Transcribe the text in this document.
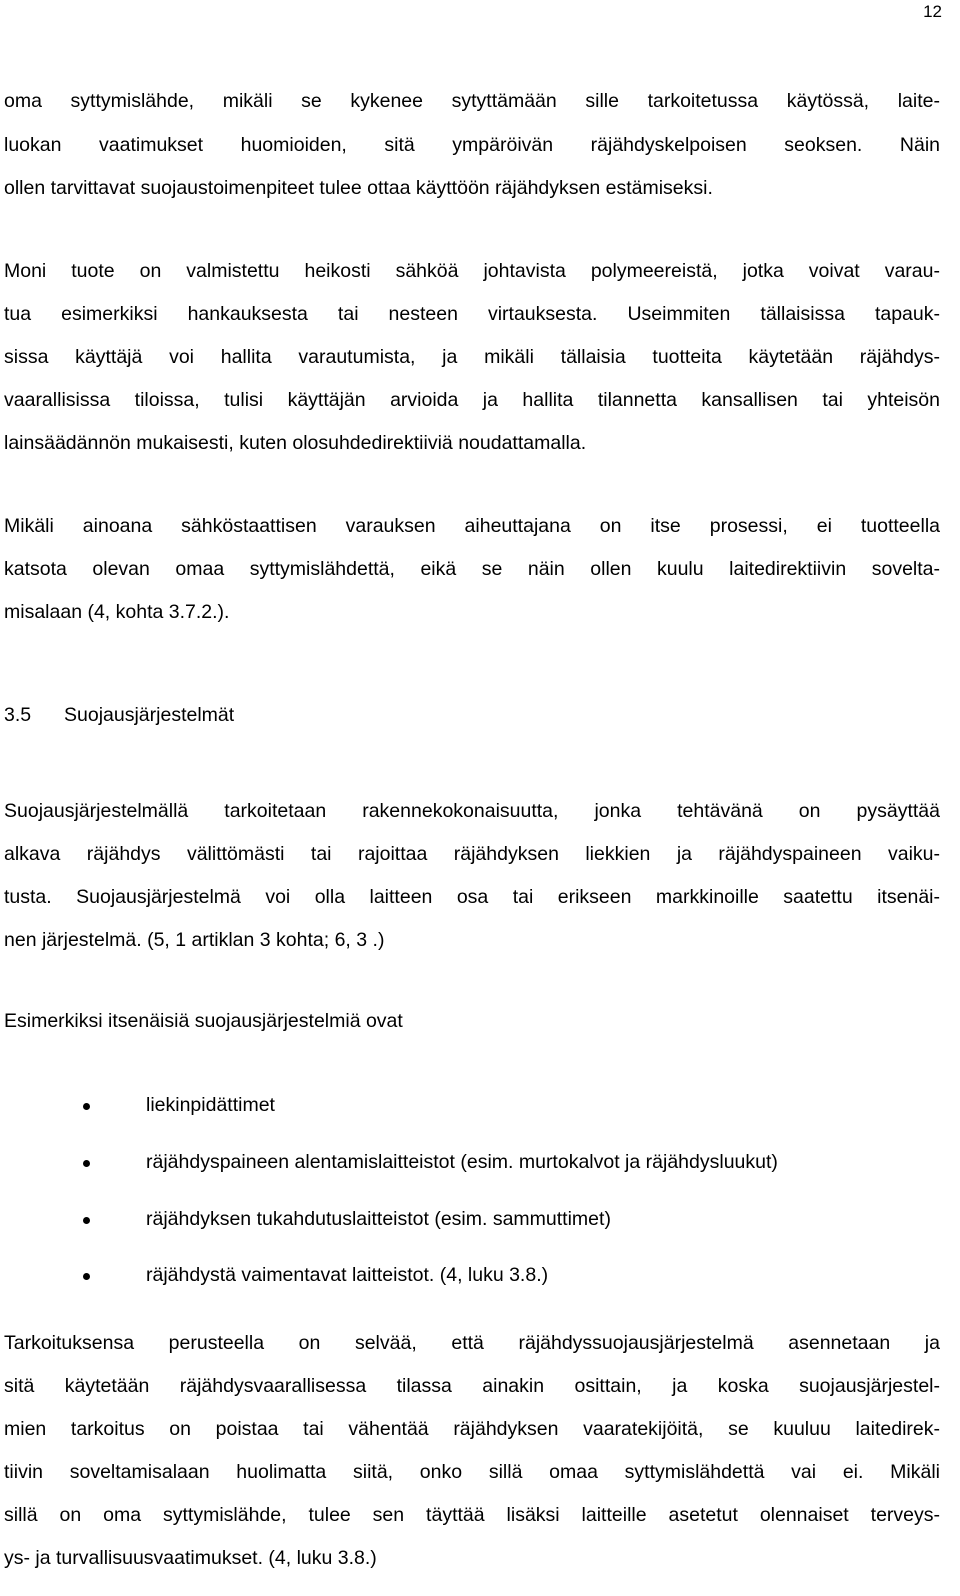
12
oma syttymislähde, mikäli se kykenee sytyttämään sille tarkoitetussa käytössä, laite-
luokan vaatimukset huomioiden, sitä ympäröivän räjähdyskelpoisen seoksen. Näin
ollen tarvittavat suojaustoimenpiteet tulee ottaa käyttöön räjähdyksen estämiseksi.
Moni tuote on valmistettu heikosti sähköä johtavista polymeereistä, jotka voivat varau-
tua esimerkiksi hankauksesta tai nesteen virtauksesta. Useimmiten tällaisissa tapauk-
sissa käyttäjä voi hallita varautumista, ja mikäli tällaisia tuotteita käytetään räjähdys-
vaarallisissa tiloissa, tulisi käyttäjän arvioida ja hallita tilannetta kansallisen tai yhteisön
lainsäädännön mukaisesti, kuten olosuhdedirektiiviä noudattamalla.
Mikäli ainoana sähköstaattisen varauksen aiheuttajana on itse prosessi, ei tuotteella
katsota olevan omaa syttymislähdettä, eikä se näin ollen kuulu laitedirektiivin sovelta-
misalaan (4, kohta 3.7.2.).
3.5 Suojausjärjestelmät
Suojausjärjestelmällä tarkoitetaan rakennekokonaisuutta, jonka tehtävänä on pysäyttää
alkava räjähdys välittömästi tai rajoittaa räjähdyksen liekkien ja räjähdyspaineen vaiku-
tusta. Suojausjärjestelmä voi olla laitteen osa tai erikseen markkinoille saatettu itsenäi-
nen järjestelmä. (5, 1 artiklan 3 kohta; 6, 3 .)
Esimerkiksi itsenäisiä suojausjärjestelmiä ovat
liekinpidättimet
räjähdyspaineen alentamislaitteistot (esim. murtokalvot ja räjähdysluukut)
räjähdyksen tukahdutuslaitteistot (esim. sammuttimet)
räjähdystä vaimentavat laitteistot. (4, luku 3.8.)
Tarkoituksensa perusteella on selvää, että räjähdyssuojausjärjestelmä asennetaan ja
sitä käytetään räjähdysvaarallisessa tilassa ainakin osittain, ja koska suojausjärjestel-
mien tarkoitus on poistaa tai vähentää räjähdyksen vaaratekijöitä, se kuuluu laitedirek-
tiivin soveltamisalaan huolimatta siitä, onko sillä omaa syttymislähdettä vai ei. Mikäli
sillä on oma syttymislähde, tulee sen täyttää lisäksi laitteille asetetut olennaiset terveys-
ys- ja turvallisuusvaatimukset. (4, luku 3.8.)
